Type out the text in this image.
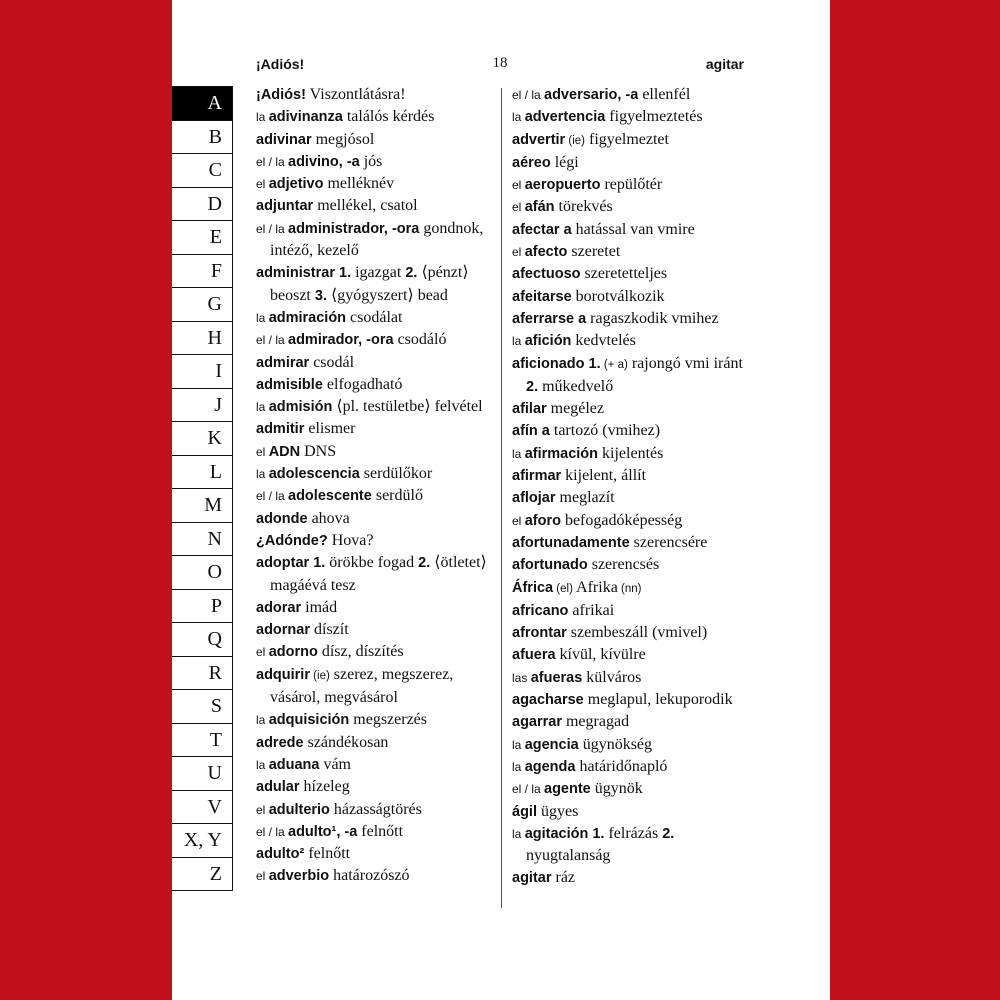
¡Adiós!	18	agitar
A
B
C
D
E
F
G
H
I
J
K
L
M
N
O
P
Q
R
S
T
U
V
X, Y
Z
¡Adiós! Viszontlátásra!
la adivinanza találós kérdés
adivinar megjósol
el / la adivino, -a jós
el adjetivo melléknév
adjuntar mellékel, csatol
el / la administrador, -ora gondnok, intéző, kezelő
administrar 1. igazgat 2. ⟨pénzt⟩ beoszt 3. ⟨gyógyszert⟩ bead
la admiración csodálat
el / la admirador, -ora csodáló
admirar csodál
admisible elfogadható
la admisión ⟨pl. testületbe⟩ felvétel
admitir elismer
el ADN DNS
la adolescencia serdülőkor
el / la adolescente serdülő
adonde ahova
¿Adónde? Hova?
adoptar 1. örökbe fogad 2. ⟨ötletet⟩ magáévá tesz
adorar imád
adornar díszít
el adorno dísz, díszítés
adquirir (ie) szerez, megszerez, vásárol, megvásárol
la adquisición megszerzés
adrede szándékosan
la aduana vám
adular hízeleg
el adulterio házasságtörés
el / la adulto¹, -a felnőtt
adulto² felnőtt
el adverbio határozószó
el / la adversario, -a ellenfél
la advertencia figyelmeztetés
advertir (ie) figyelmeztet
aéreo légi
el aeropuerto repülőtér
el afán törekvés
afectar a hatással van vmire
el afecto szeretet
afectuoso szeretetteljes
afeitarse borotválkozik
aferrarse a ragaszkodik vmihez
la afición kedvtelés
aficionado 1. (+ a) rajongó vmi iránt 2. műkedvelő
afilar megélez
afín a tartozó (vmihez)
la afirmación kijelentés
afirmar kijelent, állít
aflojar meglazít
el aforo befogadóképesség
afortunadamente szerencsére
afortunado szerencsés
África (el) Afrika (nn)
africano afrikai
afrontar szembeszáll (vmivel)
afuera kívül, kívülre
las afueras külváros
agacharse meglapul, lekuporodik
agarrar megragad
la agencia ügynökség
la agenda határidőnapló
el / la agente ügynök
ágil ügyes
la agitación 1. felrázás 2. nyugtalanság
agitar ráz
